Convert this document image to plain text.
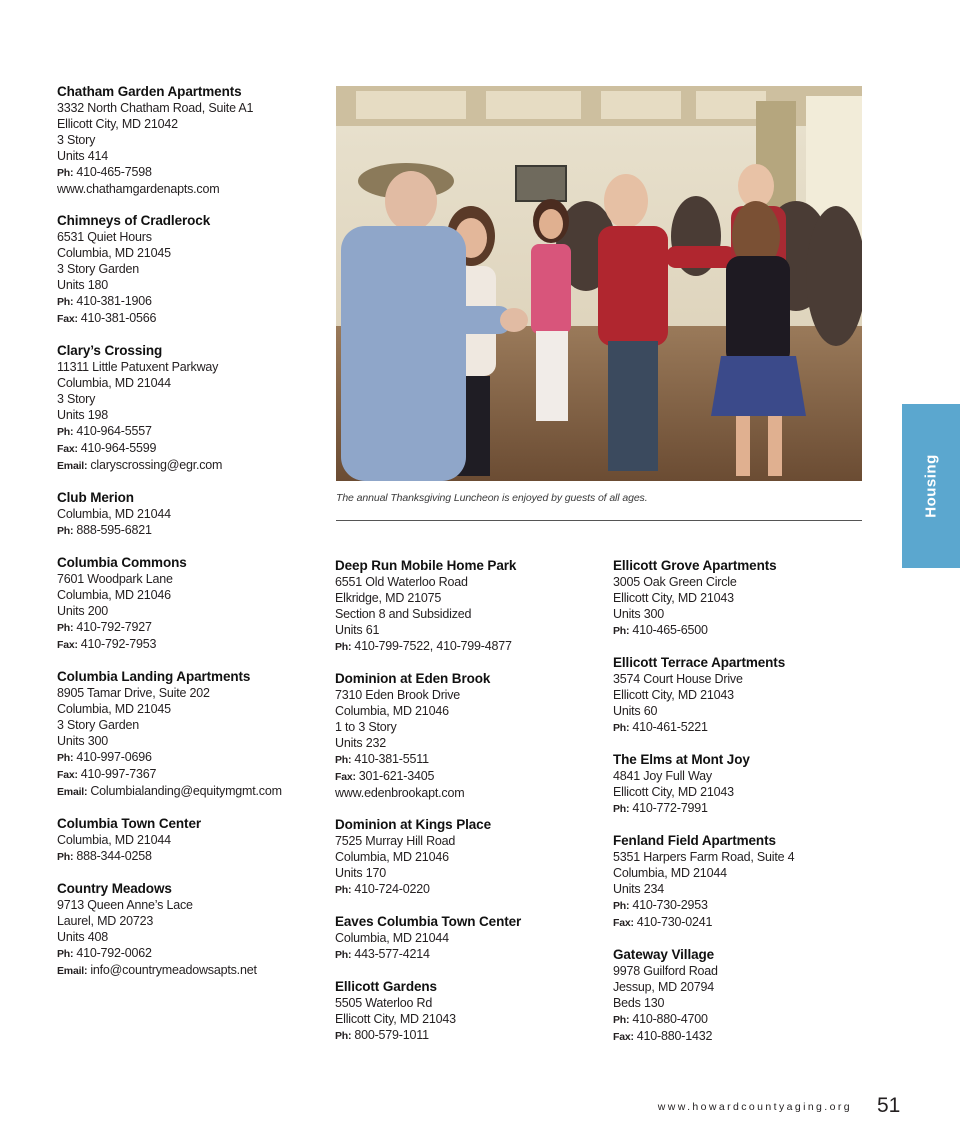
Chatham Garden Apartments
3332 North Chatham Road, Suite A1
Ellicott City, MD 21042
3 Story
Units 414
Ph: 410-465-7598
www.chathamgardenapts.com
Chimneys of Cradlerock
6531 Quiet Hours
Columbia, MD 21045
3 Story Garden
Units 180
Ph: 410-381-1906
Fax: 410-381-0566
Clary’s Crossing
11311 Little Patuxent Parkway
Columbia, MD 21044
3 Story
Units 198
Ph: 410-964-5557
Fax: 410-964-5599
Email: claryscrossing@egr.com
Club Merion
Columbia, MD 21044
Ph: 888-595-6821
Columbia Commons
7601 Woodpark Lane
Columbia, MD 21046
Units 200
Ph: 410-792-7927
Fax: 410-792-7953
Columbia Landing Apartments
8905 Tamar Drive, Suite 202
Columbia, MD 21045
3 Story Garden
Units 300
Ph: 410-997-0696
Fax: 410-997-7367
Email: Columbialanding@equitymgmt.com
Columbia Town Center
Columbia, MD 21044
Ph: 888-344-0258
Country Meadows
9713 Queen Anne’s Lace
Laurel, MD 20723
Units 408
Ph: 410-792-0062
Email: info@countrymeadowsapts.net
The annual Thanksgiving Luncheon is enjoyed by guests of all ages.
Deep Run Mobile Home Park
6551 Old Waterloo Road
Elkridge, MD 21075
Section 8 and Subsidized
Units 61
Ph: 410-799-7522, 410-799-4877
Dominion at Eden Brook
7310 Eden Brook Drive
Columbia, MD 21046
1 to 3 Story
Units 232
Ph: 410-381-5511
Fax: 301-621-3405
www.edenbrookapt.com
Dominion at Kings Place
7525 Murray Hill Road
Columbia, MD 21046
Units 170
Ph: 410-724-0220
Eaves Columbia Town Center
Columbia, MD 21044
Ph: 443-577-4214
Ellicott Gardens
5505 Waterloo Rd
Ellicott City, MD 21043
Ph: 800-579-1011
Ellicott Grove Apartments
3005 Oak Green Circle
Ellicott City, MD 21043
Units 300
Ph: 410-465-6500
Ellicott Terrace Apartments
3574 Court House Drive
Ellicott City, MD 21043
Units 60
Ph: 410-461-5221
The Elms at Mont Joy
4841 Joy Full Way
Ellicott City, MD 21043
Ph: 410-772-7991
Fenland Field Apartments
5351 Harpers Farm Road, Suite 4
Columbia, MD 21044
Units 234
Ph: 410-730-2953
Fax: 410-730-0241
Gateway Village
9978 Guilford Road
Jessup, MD 20794
Beds 130
Ph: 410-880-4700
Fax: 410-880-1432
Housing
www.howardcountyaging.org 51
